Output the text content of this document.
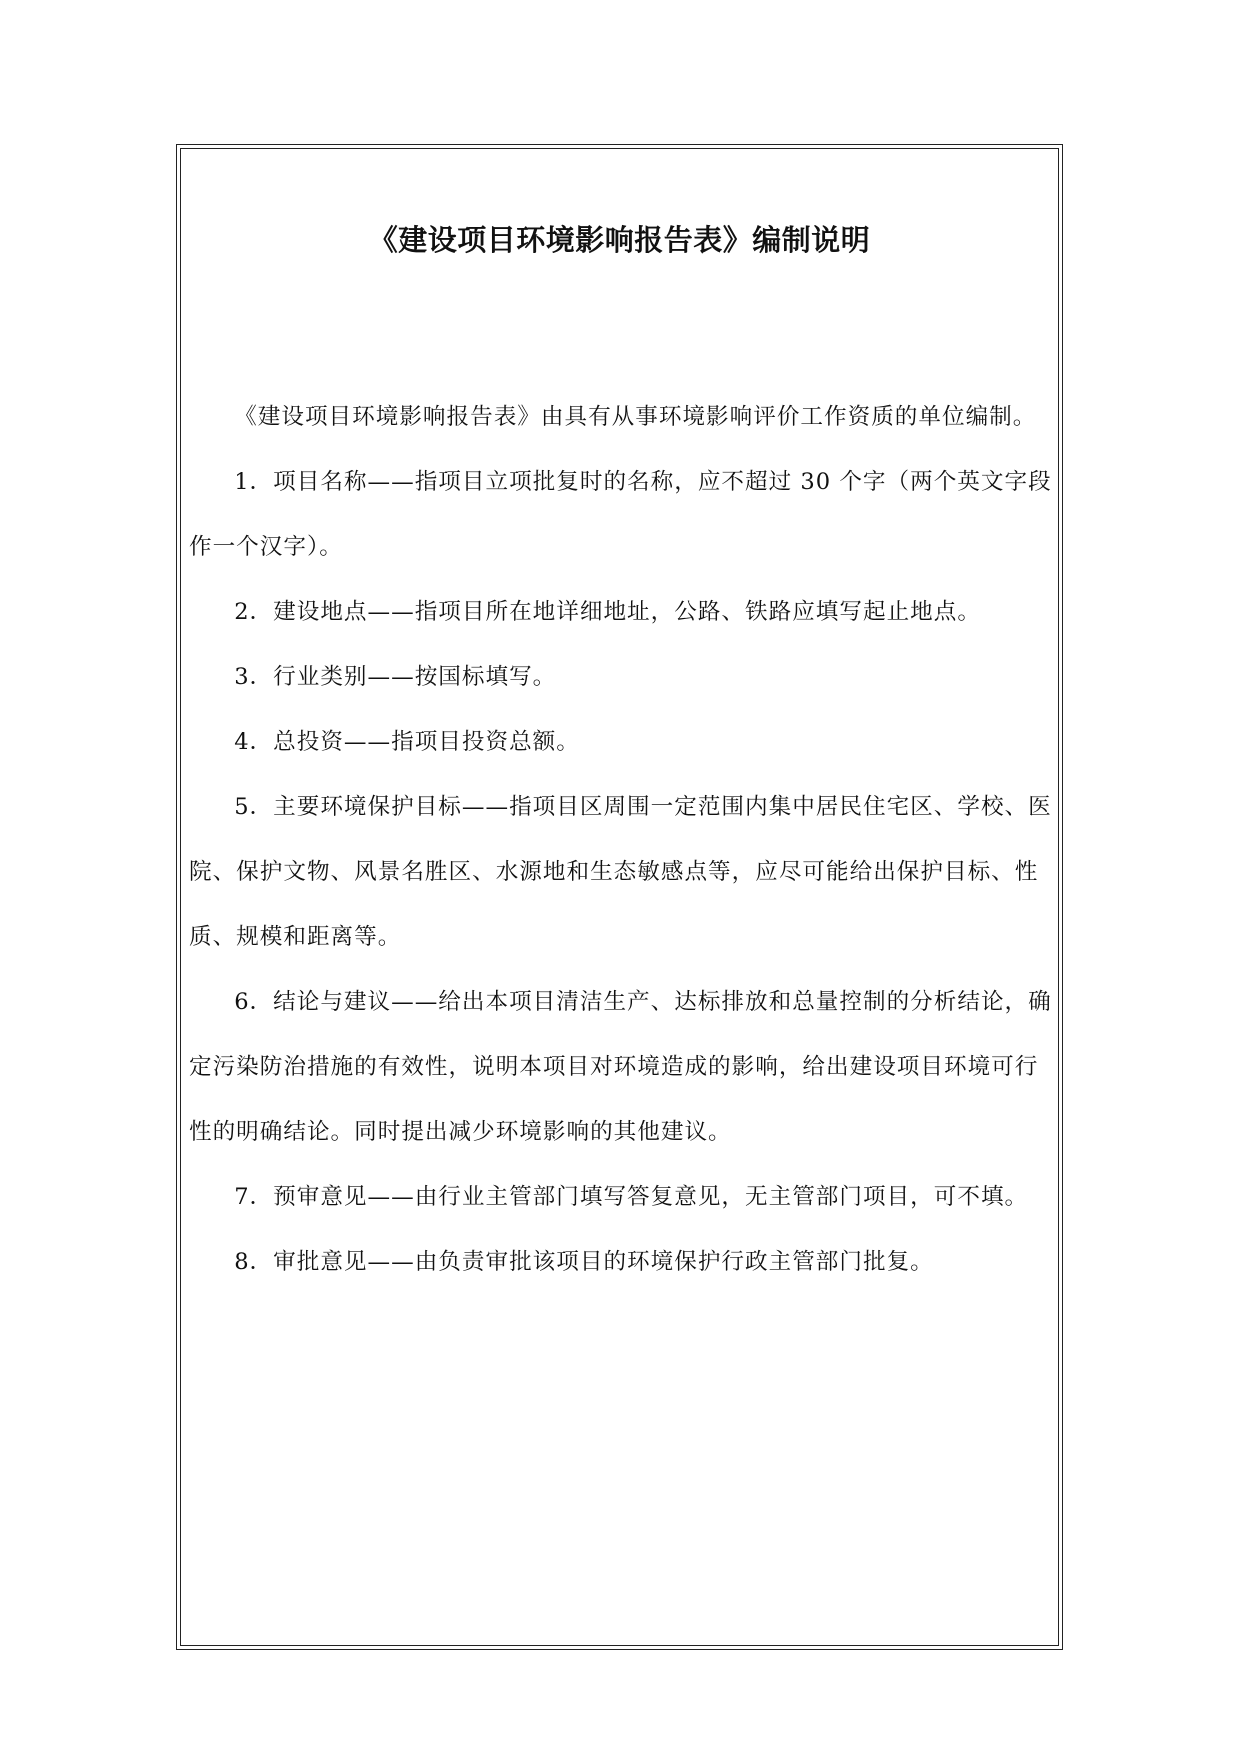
《建设项目环境影响报告表》编制说明

《建设项目环境影响报告表》由具有从事环境影响评价工作资质的单位编制。

1．项目名称——指项目立项批复时的名称，应不超过 30 个字（两个英文字段作一个汉字）。

2．建设地点——指项目所在地详细地址，公路、铁路应填写起止地点。

3．行业类别——按国标填写。

4．总投资——指项目投资总额。

5．主要环境保护目标——指项目区周围一定范围内集中居民住宅区、学校、医院、保护文物、风景名胜区、水源地和生态敏感点等，应尽可能给出保护目标、性质、规模和距离等。

6．结论与建议——给出本项目清洁生产、达标排放和总量控制的分析结论，确定污染防治措施的有效性，说明本项目对环境造成的影响，给出建设项目环境可行性的明确结论。同时提出减少环境影响的其他建议。

7．预审意见——由行业主管部门填写答复意见，无主管部门项目，可不填。

8．审批意见——由负责审批该项目的环境保护行政主管部门批复。
